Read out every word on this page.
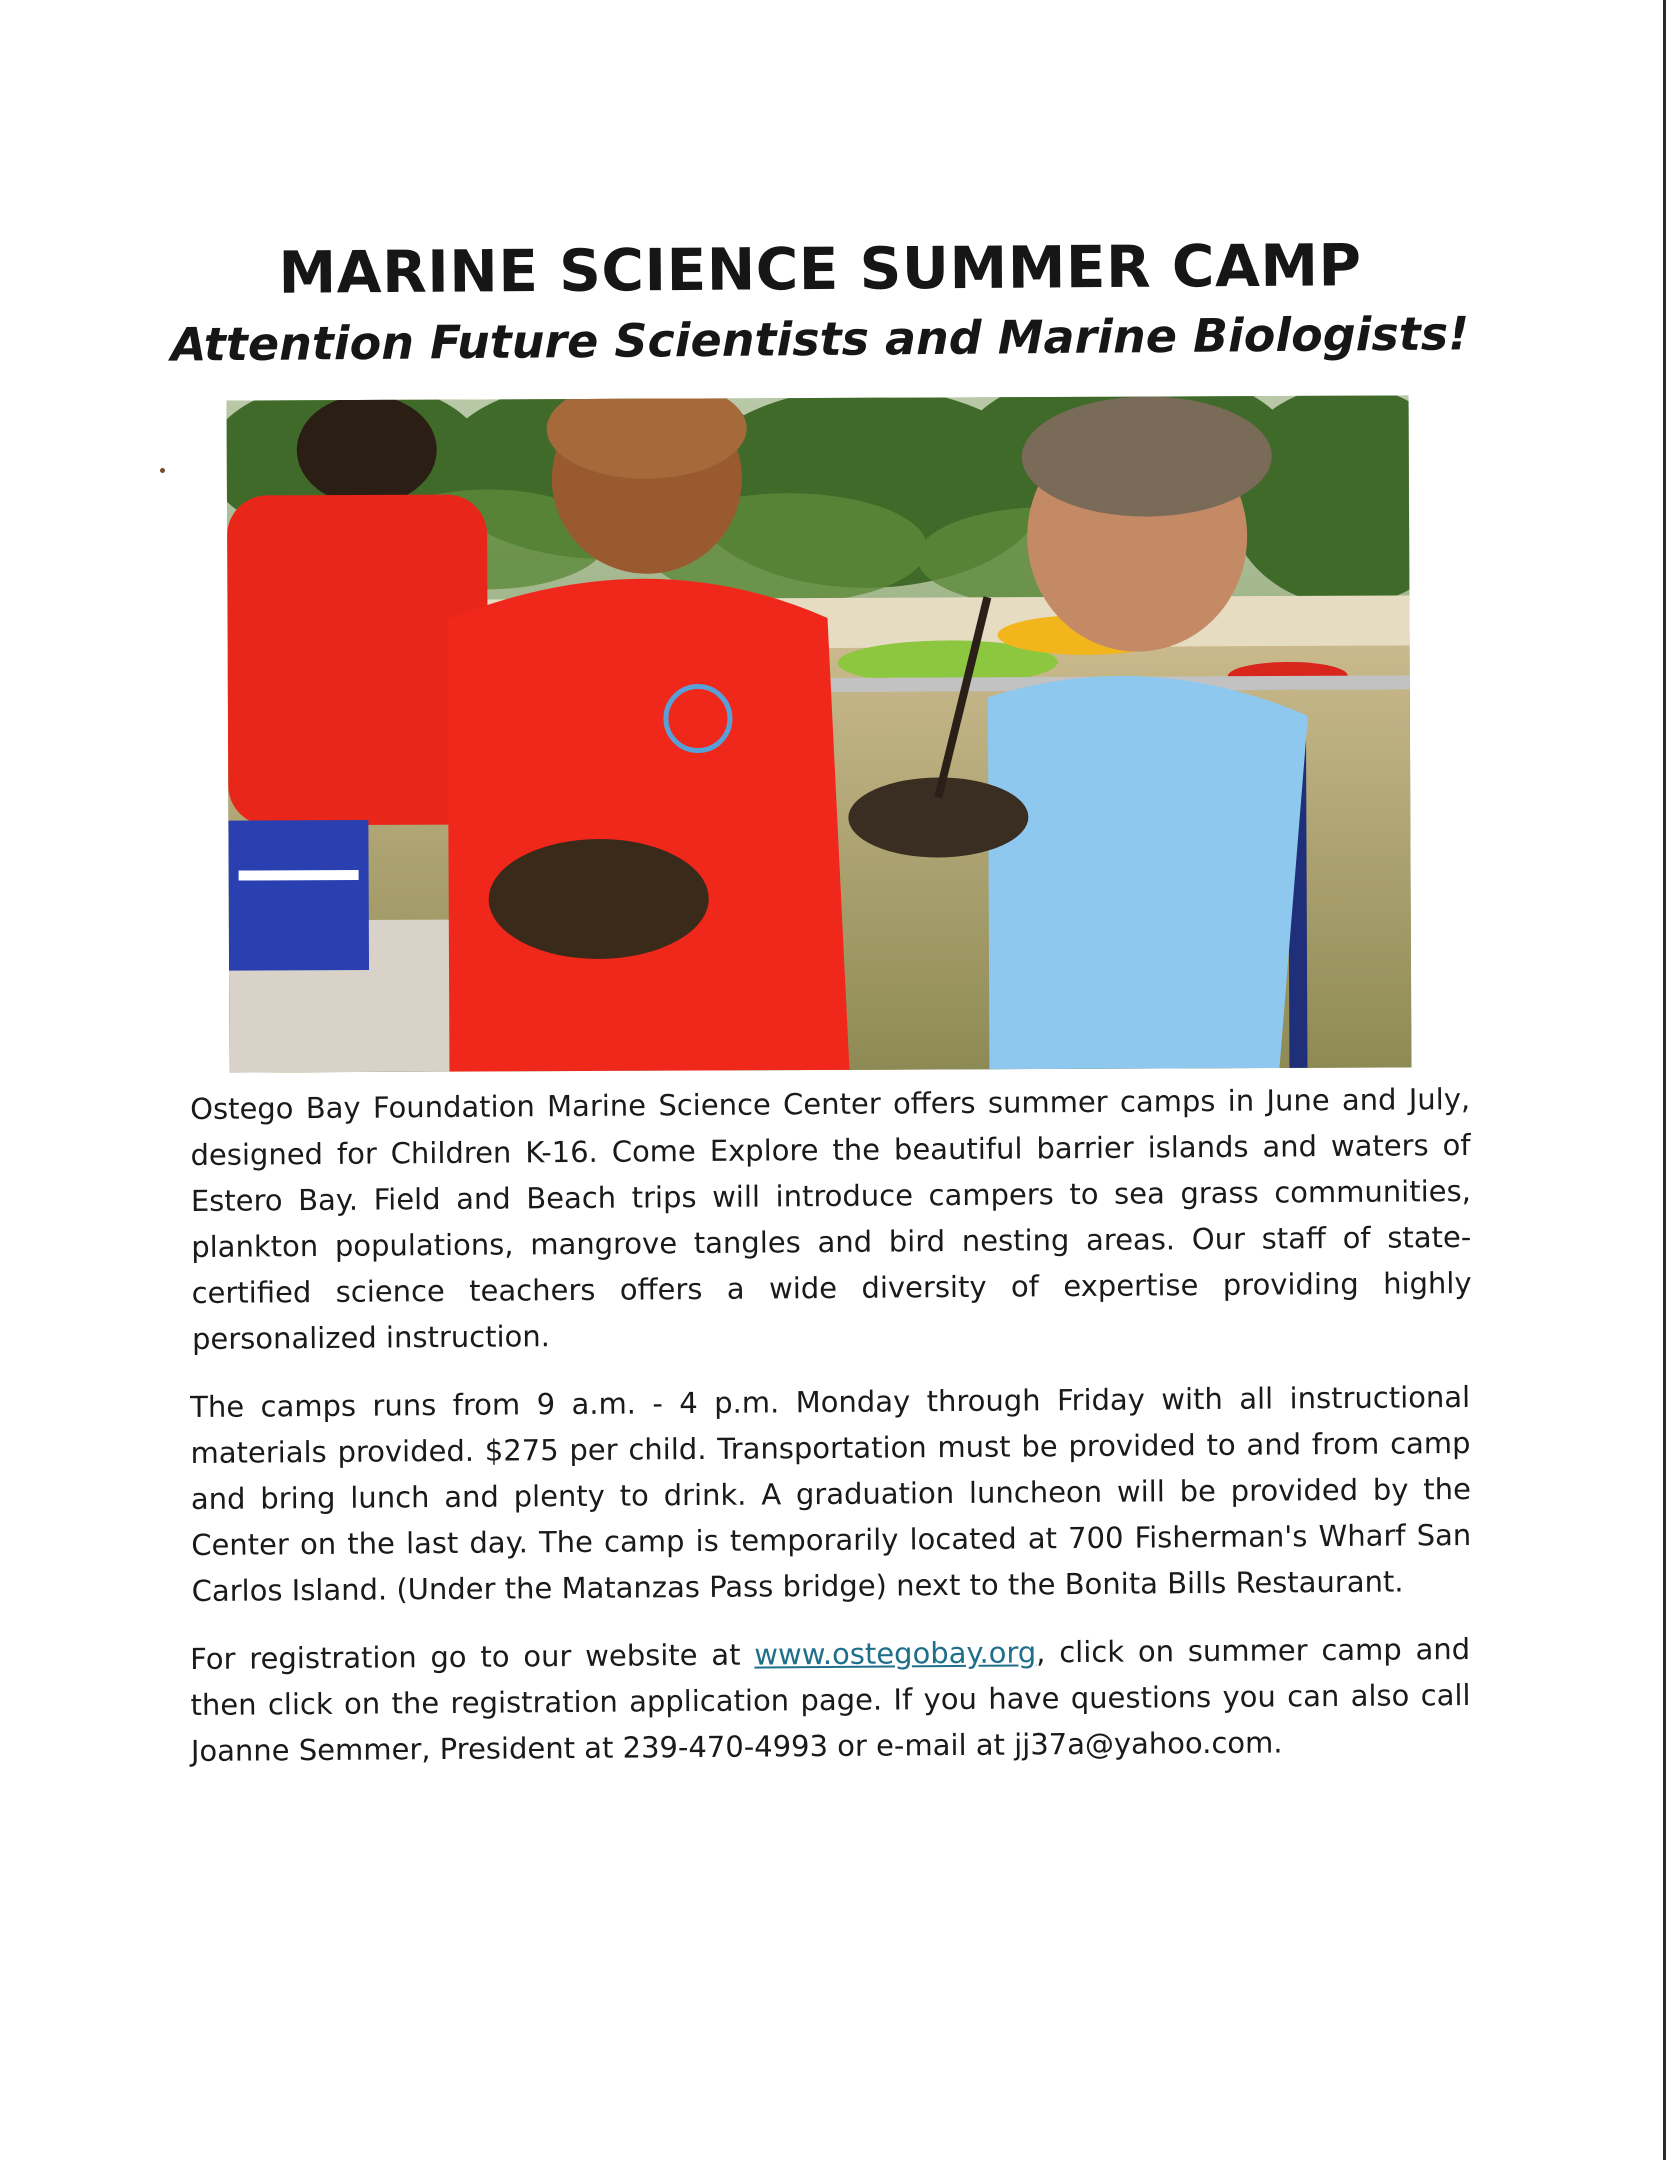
MARINE SCIENCE SUMMER CAMP
Attention Future Scientists and Marine Biologists!
Ostego Bay Foundation Marine Science Center offers summer camps in June and July, designed for Children K-16. Come Explore the beautiful barrier islands and waters of Estero Bay. Field and Beach trips will introduce campers to sea grass communities, plankton populations, mangrove tangles and bird nesting areas. Our staff of state-certified science teachers offers a wide diversity of expertise providing highly personalized instruction.
The camps runs from 9 a.m. - 4 p.m. Monday through Friday with all instructional materials provided. $275 per child. Transportation must be provided to and from camp and bring lunch and plenty to drink. A graduation luncheon will be provided by the Center on the last day. The camp is temporarily located at 700 Fisherman's Wharf San Carlos Island. (Under the Matanzas Pass bridge) next to the Bonita Bills Restaurant.
For registration go to our website at www.ostegobay.org, click on summer camp and then click on the registration application page. If you have questions you can also call Joanne Semmer, President at 239-470-4993 or e-mail at jj37a@yahoo.com.
